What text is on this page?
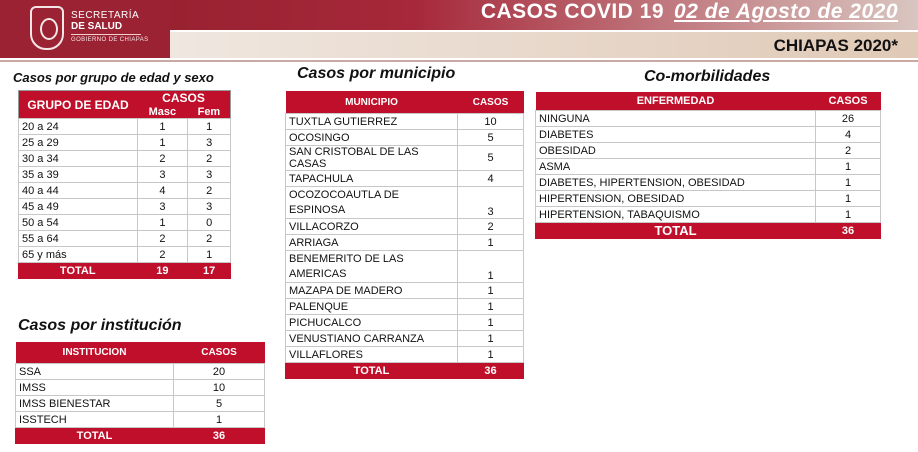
SECRETARÍA
DE SALUD
GOBIERNO DE CHIAPAS
CASOS COVID 19 02 de Agosto de 2020
CHIAPAS 2020*
Casos por grupo de edad y sexo	Casos por municipio	Co-morbilidades
Casos por institución
GRUPO DE EDAD	CASOS	
	Masc	Fem
20 a 24	1	1
25 a 29	1	3
30 a 34	2	2
35 a 39	3	3
40 a 44	4	2
45 a 49	3	3
50 a 54	1	0
55 a 64	2	2
65 y más	2	1
TOTAL	19	17
INSTITUCION	CASOS
SSA	20
IMSS	10
IMSS BIENESTAR	5
ISSTECH	1
TOTAL	36
MUNICIPIO	CASOS
TUXTLA GUTIERREZ	10
OCOSINGO	5
SAN CRISTOBAL DE LAS CASAS	5
TAPACHULA	4
OCOZOCOAUTLA DE ESPINOSA	3
VILLACORZO	2
ARRIAGA	1
BENEMERITO DE LAS AMERICAS	1
MAZAPA DE MADERO	1
PALENQUE	1
PICHUCALCO	1
VENUSTIANO CARRANZA	1
VILLAFLORES	1
TOTAL	36
ENFERMEDAD	CASOS
NINGUNA	26
DIABETES	4
OBESIDAD	2
ASMA	1
DIABETES, HIPERTENSION, OBESIDAD	1
HIPERTENSION, OBESIDAD	1
HIPERTENSION, TABAQUISMO	1
TOTAL	36
